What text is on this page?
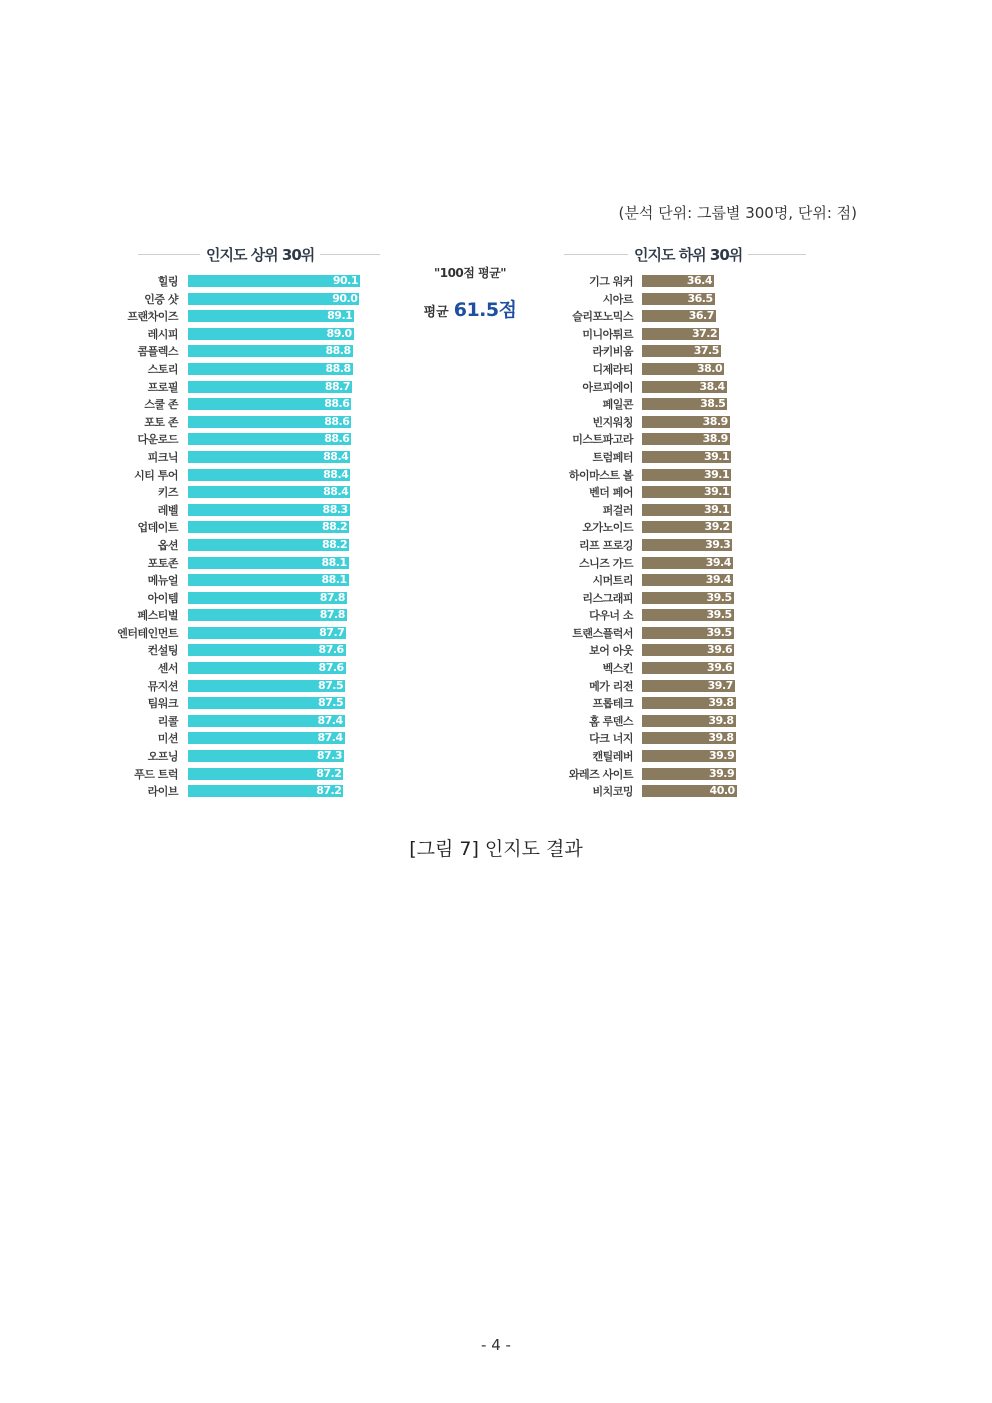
(분석 단위: 그룹별 300명, 단위: 점)
인지도 상위 30위
힐링	90.1
인증 샷	90.0
프랜차이즈	89.1
레시피	89.0
콤플렉스	88.8
스토리	88.8
프로필	88.7
스쿨 존	88.6
포토 존	88.6
다운로드	88.6
피크닉	88.4
시티 투어	88.4
키즈	88.4
레벨	88.3
업데이트	88.2
옵션	88.2
포토존	88.1
메뉴얼	88.1
아이템	87.8
페스티벌	87.8
엔터테인먼트	87.7
컨설팅	87.6
센서	87.6
뮤지션	87.5
팀워크	87.5
리콜	87.4
미션	87.4
오프닝	87.3
푸드 트럭	87.2
라이브	87.2
"100점 평균"
평균 61.5점
인지도 하위 30위
기그 워커	36.4
시아르	36.5
슬리포노믹스	36.7
미니아튀르	37.2
라키비움	37.5
디제라티	38.0
아르피에이	38.4
페일콘	38.5
빈지워칭	38.9
미스트파고라	38.9
트럼페터	39.1
하이마스트 볼	39.1
벤더 페어	39.1
퍼걸러	39.1
오가노이드	39.2
리프 프로깅	39.3
스니즈 가드	39.4
시머트리	39.4
리스그래피	39.5
다우너 소	39.5
트랜스플럭서	39.5
보어 아웃	39.6
벡스킨	39.6
메가 리전	39.7
프롭테크	39.8
홈 루덴스	39.8
다크 너지	39.8
캔틸레버	39.9
와레즈 사이트	39.9
비치코밍	40.0
[그림 7] 인지도 결과
- 4 -
